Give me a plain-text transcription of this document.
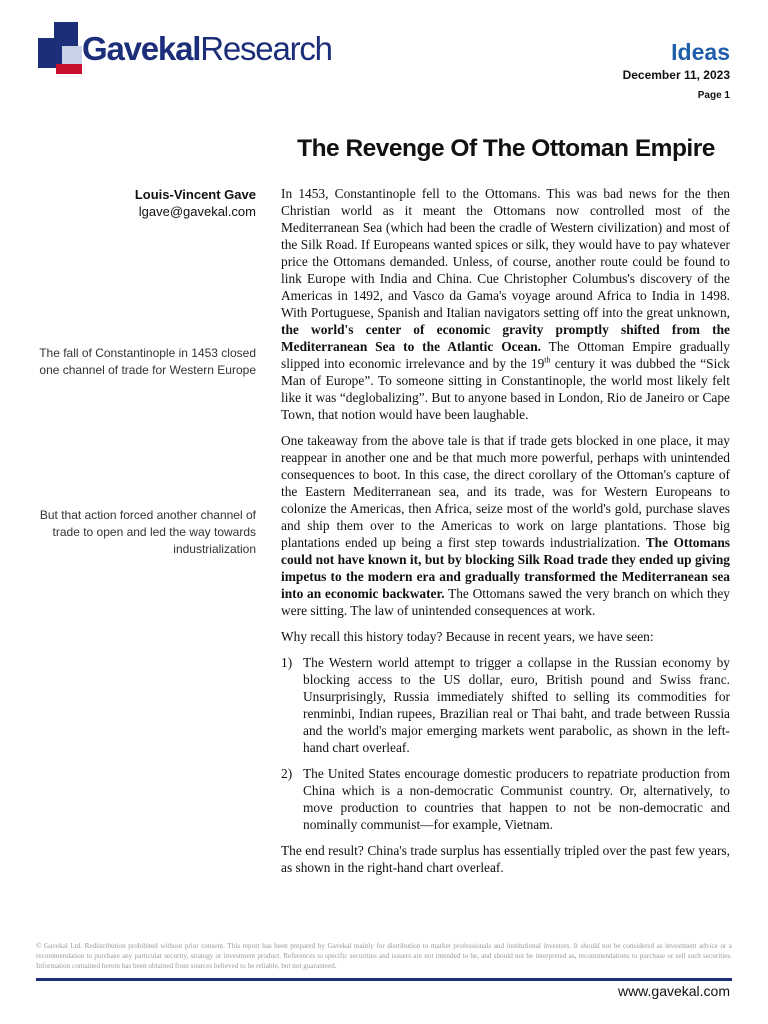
GavekalResearch	Ideas
December 11, 2023
Page 1
The Revenge Of The Ottoman Empire
Louis-Vincent Gave
lgave@gavekal.com
The fall of Constantinople in 1453 closed one channel of trade for Western Europe
But that action forced another channel of trade to open and led the way towards industrialization

In 1453, Constantinople fell to the Ottomans. This was bad news for the then Christian world as it meant the Ottomans now controlled most of the Mediterranean Sea (which had been the cradle of Western civilization) and most of the Silk Road. If Europeans wanted spices or silk, they would have to pay whatever price the Ottomans demanded. Unless, of course, another route could be found to link Europe with India and China. Cue Christopher Columbus's discovery of the Americas in 1492, and Vasco da Gama's voyage around Africa to India in 1498. With Portuguese, Spanish and Italian navigators setting off into the great unknown, the world's center of economic gravity promptly shifted from the Mediterranean Sea to the Atlantic Ocean. The Ottoman Empire gradually slipped into economic irrelevance and by the 19th century it was dubbed the “Sick Man of Europe”. To someone sitting in Constantinople, the world most likely felt like it was “deglobalizing”. But to anyone based in London, Rio de Janeiro or Cape Town, that notion would have been laughable.

One takeaway from the above tale is that if trade gets blocked in one place, it may reappear in another one and be that much more powerful, perhaps with unintended consequences to boot. In this case, the direct corollary of the Ottoman's capture of the Eastern Mediterranean sea, and its trade, was for Western Europeans to colonize the Americas, then Africa, seize most of the world's gold, purchase slaves and ship them over to the Americas to work on large plantations. Those big plantations ended up being a first step towards industrialization. The Ottomans could not have known it, but by blocking Silk Road trade they ended up giving impetus to the modern era and gradually transformed the Mediterranean sea into an economic backwater. The Ottomans sawed the very branch on which they were sitting. The law of unintended consequences at work.

Why recall this history today? Because in recent years, we have seen:

1) The Western world attempt to trigger a collapse in the Russian economy by blocking access to the US dollar, euro, British pound and Swiss franc. Unsurprisingly, Russia immediately shifted to selling its commodities for renminbi, Indian rupees, Brazilian real or Thai baht, and trade between Russia and the world's major emerging markets went parabolic, as shown in the left-hand chart overleaf.
2) The United States encourage domestic producers to repatriate production from China which is a non-democratic Communist country. Or, alternatively, to move production to countries that happen to not be non-democratic and nominally communist—for example, Vietnam.

The end result? China's trade surplus has essentially tripled over the past few years, as shown in the right-hand chart overleaf.

© Gavekal Ltd. Redistribution prohibited without prior consent. This report has been prepared by Gavekal mainly for distribution to market professionals and institutional investors. It should not be considered as investment advice or a recommendation to purchase any particular security, strategy or investment product. References to specific securities and issuers are not intended to be, and should not be interpreted as, recommendations to purchase or sell such securities. Information contained herein has been obtained from sources believed to be reliable, but not guaranteed.
www.gavekal.com
